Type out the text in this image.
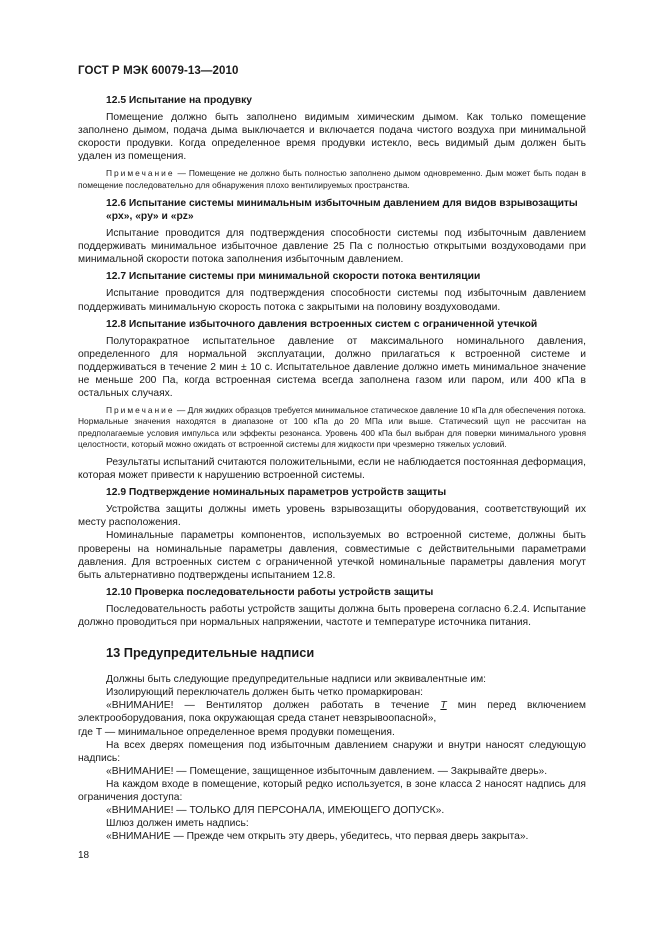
ГОСТ Р МЭК 60079-13—2010
12.5 Испытание на продувку

Помещение должно быть заполнено видимым химическим дымом. Как только помещение заполнено дымом, подача дыма выключается и включается подача чистого воздуха при минимальной скорости продувки. Когда определенное время продувки истекло, весь видимый дым должен быть удален из помещения.

Примечание — Помещение не должно быть полностью заполнено дымом одновременно. Дым может быть подан в помещение последовательно для обнаружения плохо вентилируемых пространства.

12.6 Испытание системы минимальным избыточным давлением для видов взрывозащиты «px», «py» и «pz»

Испытание проводится для подтверждения способности системы под избыточным давлением поддерживать минимальное избыточное давление 25 Па с полностью открытыми воздуховодами при минимальной скорости потока заполнения избыточным давлением.

12.7 Испытание системы при минимальной скорости потока вентиляции

Испытание проводится для подтверждения способности системы под избыточным давлением поддерживать минимальную скорость потока с закрытыми на половину воздуховодами.

12.8 Испытание избыточного давления встроенных систем с ограниченной утечкой

Полуторакратное испытательное давление от максимального номинального давления, определенного для нормальной эксплуатации, должно прилагаться к встроенной системе и поддерживаться в течение 2 мин ± 10 с. Испытательное давление должно иметь минимальное значение не меньше 200 Па, когда встроенная система всегда заполнена газом или паром, или 400 кПа в остальных случаях.

Примечание — Для жидких образцов требуется минимальное статическое давление 10 кПа для обеспечения потока. Нормальные значения находятся в диапазоне от 100 кПа до 20 МПа или выше. Статический щуп не рассчитан на предполагаемые условия импульса или эффекты резонанса. Уровень 400 кПа был выбран для поверки минимального уровня целостности, который можно ожидать от встроенной системы для жидкости при чрезмерно тяжелых условий.

Результаты испытаний считаются положительными, если не наблюдается постоянная деформация, которая может привести к нарушению встроенной системы.

12.9 Подтверждение номинальных параметров устройств защиты

Устройства защиты должны иметь уровень взрывозащиты оборудования, соответствующий их месту расположения.

Номинальные параметры компонентов, используемых во встроенной системе, должны быть проверены на номинальные параметры давления, совместимые с действительными параметрами давления. Для встроенных систем с ограниченной утечкой номинальные параметры давления могут быть альтернативно подтверждены испытанием 12.8.

12.10 Проверка последовательности работы устройств защиты

Последовательность работы устройств защиты должна быть проверена согласно 6.2.4. Испытание должно проводиться при нормальных напряжении, частоте и температуре источника питания.

13 Предупредительные надписи

Должны быть следующие предупредительные надписи или эквивалентные им:

Изолирующий переключатель должен быть четко промаркирован:

«ВНИМАНИЕ! — Вентилятор должен работать в течение T мин перед включением электрооборудования, пока окружающая среда станет невзрывоопасной»,

где T — минимальное определенное время продувки помещения.

На всех дверях помещения под избыточным давлением снаружи и внутри наносят следующую надпись:

«ВНИМАНИЕ! — Помещение, защищенное избыточным давлением. — Закрывайте дверь».

На каждом входе в помещение, который редко используется, в зоне класса 2 наносят надпись для ограничения доступа:

«ВНИМАНИЕ! — ТОЛЬКО ДЛЯ ПЕРСОНАЛА, ИМЕЮЩЕГО ДОПУСК».

Шлюз должен иметь надпись:

«ВНИМАНИЕ — Прежде чем открыть эту дверь, убедитесь, что первая дверь закрыта».

18
